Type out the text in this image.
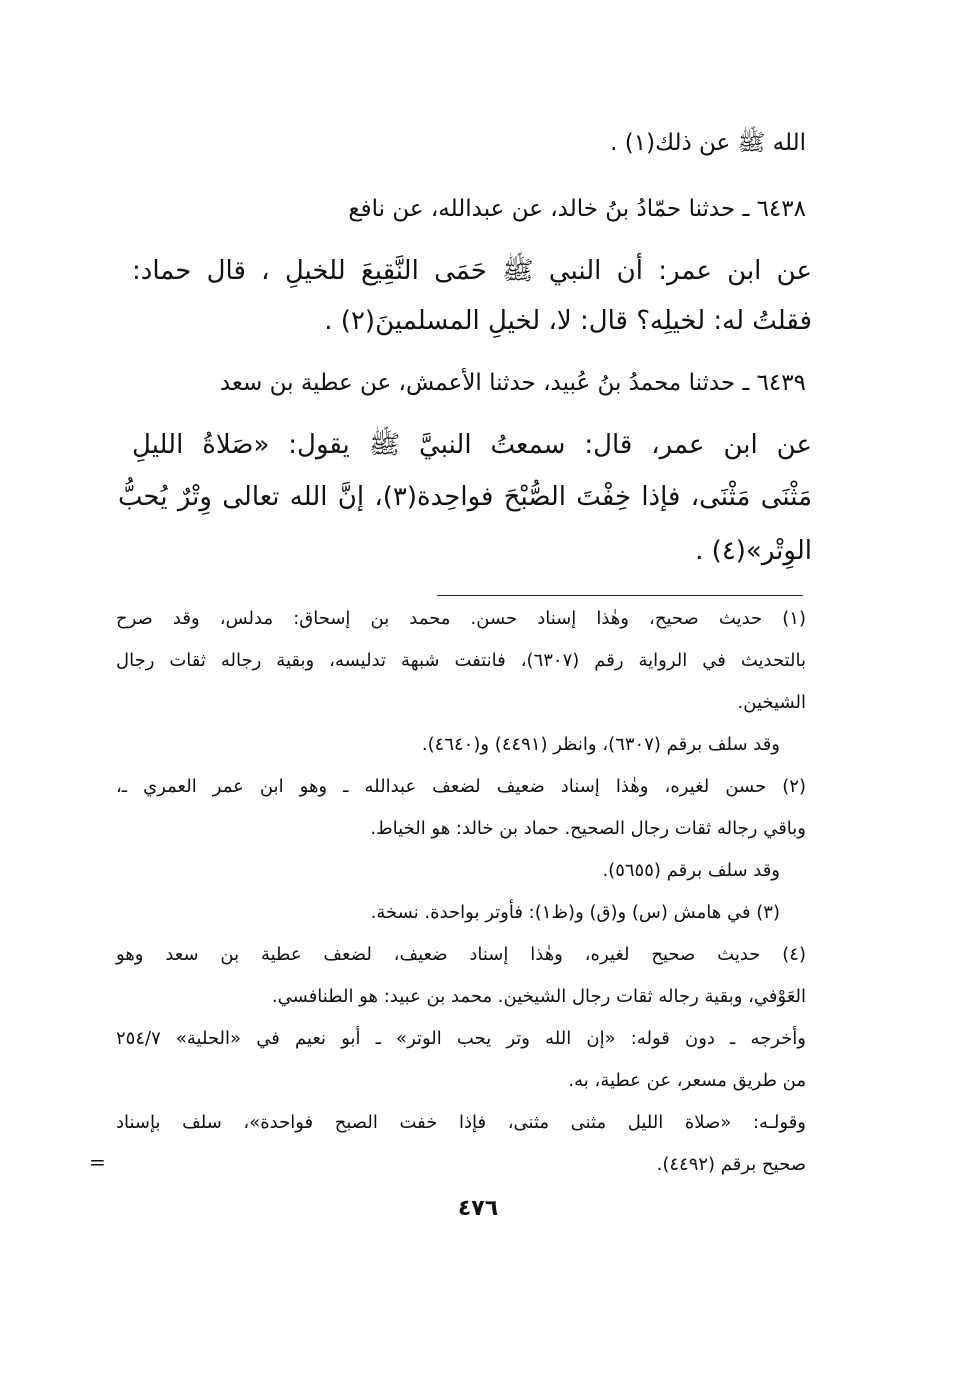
الله ﷺ عن ذلك(١) .
٦٤٣٨ ـ حدثنا حمّادُ بنُ خالد، عن عبدالله، عن نافع
عن ابن عمر: أن النبي ﷺ حَمَى النَّقِيعَ للخيلِ ، قال حماد:
فقلتُ له: لخيلِه؟ قال: لا، لخيلِ المسلمينَ(٢) .
٦٤٣٩ ـ حدثنا محمدُ بنُ عُبيد، حدثنا الأعمش، عن عطية بن سعد
عن ابن عمر، قال: سمعتُ النبيَّ ﷺ يقول: «صَلاةُ الليلِ
مَثْنَى مَثْنَى، فإذا خِفْتَ الصُّبْحَ فواحِدة(٣)، إنَّ الله تعالى وِتْرٌ يُحبُّ
الوِتْر»(٤) .
(١) حديث صحيح، وهٰذا إسناد حسن. محمد بن إسحاق: مدلس، وقد صرح
بالتحديث في الرواية رقم (٦٣٠٧)، فانتفت شبهة تدليسه، وبقية رجاله ثقات رجال
الشيخين.
وقد سلف برقم (٦٣٠٧)، وانظر (٤٤٩١) و(٤٦٤٠).
(٢) حسن لغيره، وهٰذا إسناد ضعيف لضعف عبدالله ـ وهو ابن عمر العمري ـ،
وباقي رجاله ثقات رجال الصحيح. حماد بن خالد: هو الخياط.
وقد سلف برقم (٥٦٥٥).
(٣) في هامش (س) و(ق) و(ظ١): فأوتر بواحدة. نسخة.
(٤) حديث صحيح لغيره، وهٰذا إسناد ضعيف، لضعف عطية بن سعد وهو
العَوْفي، وبقية رجاله ثقات رجال الشيخين. محمد بن عبيد: هو الطنافسي.
وأخرجه ـ دون قوله: «إن الله وتر يحب الوتر» ـ أبو نعيم في «الحلية» ٢٥٤/٧
من طريق مسعر، عن عطية، به.
وقولـه: «صلاة الليل مثنى مثنى، فإذا خفت الصبح فواحدة»، سلف بإسناد
صحيح برقم (٤٤٩٢).
=
٤٧٦
